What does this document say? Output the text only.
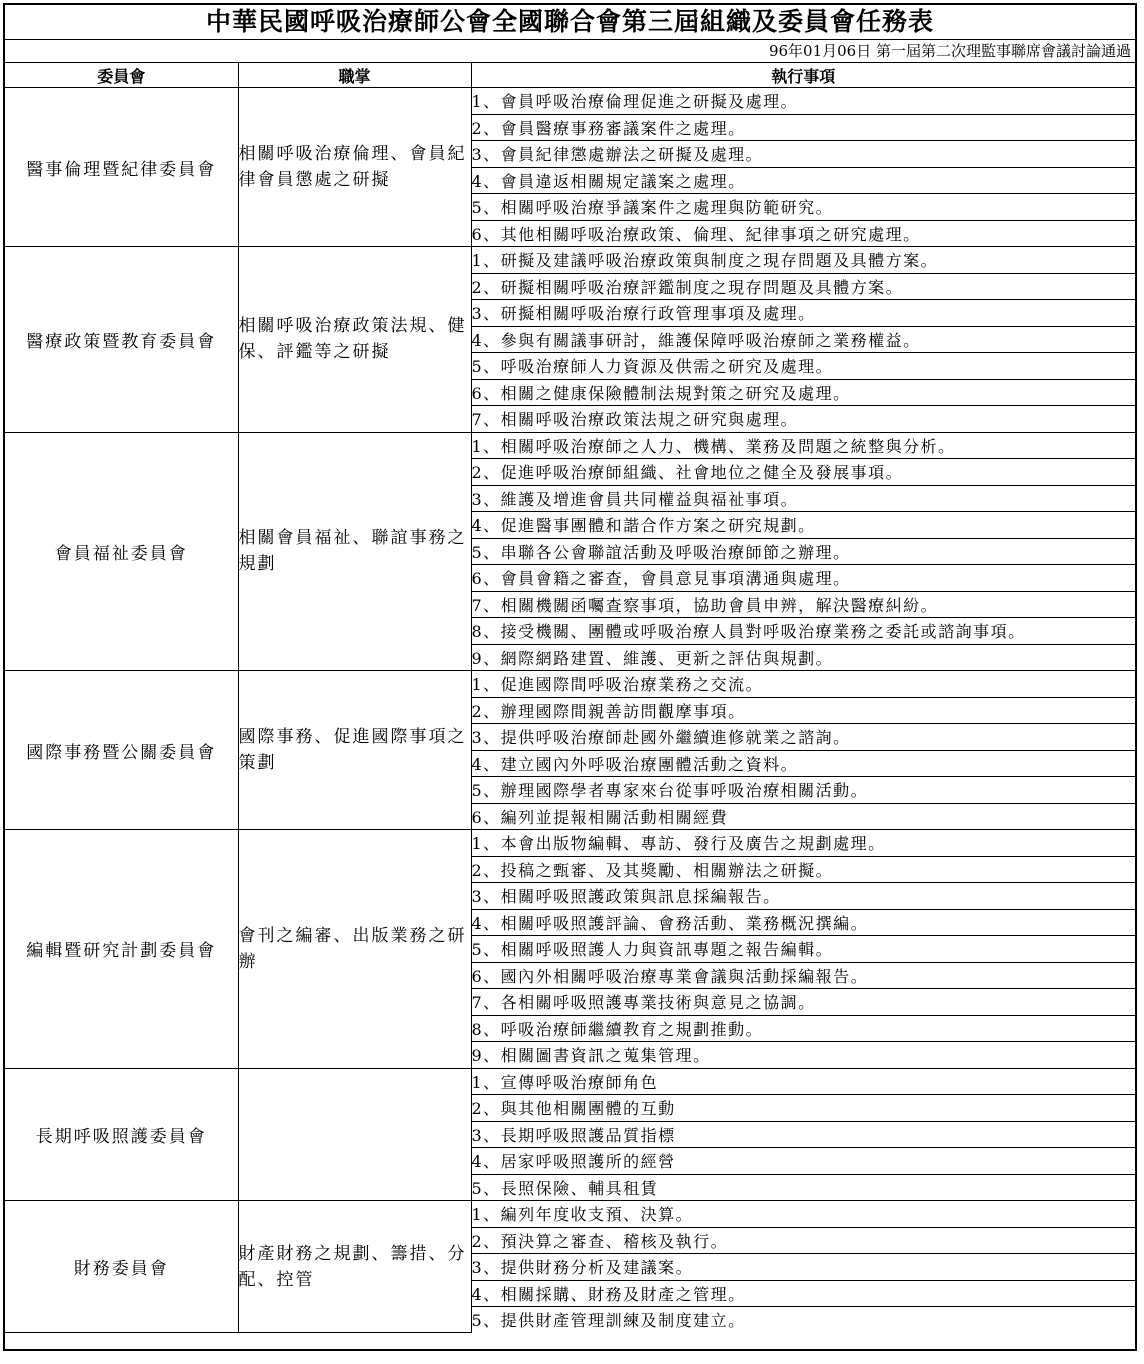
中華民國呼吸治療師公會全國聯合會第三屆組織及委員會任務表
96年01月06日 第一屆第二次理監事聯席會議討論通過
委員會	職掌	執行事項
醫事倫理暨紀律委員會	相關呼吸治療倫理、會員紀律會員懲處之研擬	1、會員呼吸治療倫理促進之研擬及處理。
		2、會員醫療事務審議案件之處理。
		3、會員紀律懲處辦法之研擬及處理。
		4、會員違返相關規定議案之處理。
		5、相關呼吸治療爭議案件之處理與防範研究。
		6、其他相關呼吸治療政策、倫理、紀律事項之研究處理。
醫療政策暨教育委員會	相關呼吸治療政策法規、健保、評鑑等之研擬	1、研擬及建議呼吸治療政策與制度之現存問題及具體方案。
		2、研擬相關呼吸治療評鑑制度之現存問題及具體方案。
		3、研擬相關呼吸治療行政管理事項及處理。
		4、參與有關議事研討，維護保障呼吸治療師之業務權益。
		5、呼吸治療師人力資源及供需之研究及處理。
		6、相關之健康保險體制法規對策之研究及處理。
		7、相關呼吸治療政策法規之研究與處理。
會員福祉委員會	相關會員福祉、聯誼事務之規劃	1、相關呼吸治療師之人力、機構、業務及問題之統整與分析。
		2、促進呼吸治療師組織、社會地位之健全及發展事項。
		3、維護及增進會員共同權益與福祉事項。
		4、促進醫事團體和諧合作方案之研究規劃。
		5、串聯各公會聯誼活動及呼吸治療師節之辦理。
		6、會員會籍之審查，會員意見事項溝通與處理。
		7、相關機關函囑查察事項，協助會員申辨，解決醫療糾紛。
		8、接受機關、團體或呼吸治療人員對呼吸治療業務之委託或諮詢事項。
		9、網際網路建置、維護、更新之評估與規劃。
國際事務暨公關委員會	國際事務、促進國際事項之策劃	1、促進國際間呼吸治療業務之交流。
		2、辦理國際間親善訪問觀摩事項。
		3、提供呼吸治療師赴國外繼續進修就業之諮詢。
		4、建立國內外呼吸治療團體活動之資料。
		5、辦理國際學者專家來台從事呼吸治療相關活動。
		6、編列並提報相關活動相關經費
編輯暨研究計劃委員會	會刊之編審、出版業務之研辦	1、本會出版物編輯、專訪、發行及廣告之規劃處理。
		2、投稿之甄審、及其獎勵、相關辦法之研擬。
		3、相關呼吸照護政策與訊息採編報告。
		4、相關呼吸照護評論、會務活動、業務概況撰編。
		5、相關呼吸照護人力與資訊專題之報告編輯。
		6、國內外相關呼吸治療專業會議與活動採編報告。
		7、各相關呼吸照護專業技術與意見之協調。
		8、呼吸治療師繼續教育之規劃推動。
		9、相關圖書資訊之蒐集管理。
長期呼吸照護委員會		1、宣傳呼吸治療師角色
		2、與其他相關團體的互動
		3、長期呼吸照護品質指標
		4、居家呼吸照護所的經營
		5、長照保險、輔具租賃
財務委員會	財產財務之規劃、籌措、分配、控管	1、編列年度收支預、決算。
		2、預決算之審查、稽核及執行。
		3、提供財務分析及建議案。
		4、相關採購、財務及財產之管理。
		5、提供財產管理訓練及制度建立。
